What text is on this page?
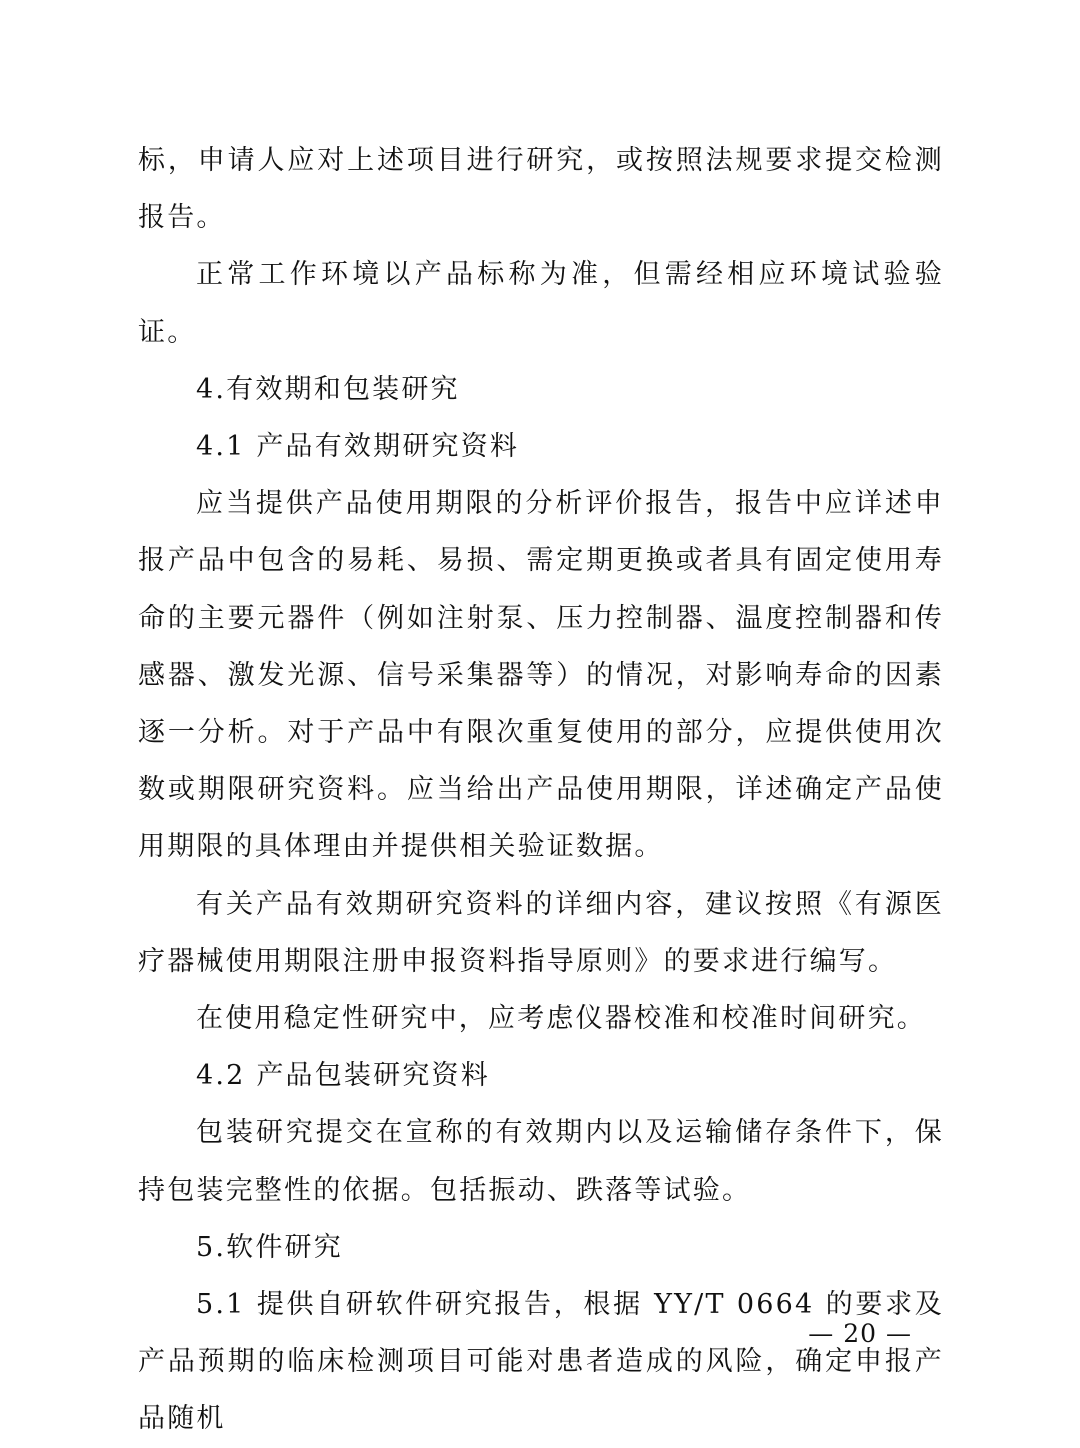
标，申请人应对上述项目进行研究，或按照法规要求提交检测报告。

正常工作环境以产品标称为准，但需经相应环境试验验证。

4.有效期和包装研究

4.1 产品有效期研究资料

应当提供产品使用期限的分析评价报告，报告中应详述申报产品中包含的易耗、易损、需定期更换或者具有固定使用寿命的主要元器件（例如注射泵、压力控制器、温度控制器和传感器、激发光源、信号采集器等）的情况，对影响寿命的因素逐一分析。对于产品中有限次重复使用的部分，应提供使用次数或期限研究资料。应当给出产品使用期限，详述确定产品使用期限的具体理由并提供相关验证数据。

有关产品有效期研究资料的详细内容，建议按照《有源医疗器械使用期限注册申报资料指导原则》的要求进行编写。

在使用稳定性研究中，应考虑仪器校准和校准时间研究。

4.2 产品包装研究资料

包装研究提交在宣称的有效期内以及运输储存条件下，保持包装完整性的依据。包括振动、跌落等试验。

5.软件研究

5.1 提供自研软件研究报告，根据 YY/T 0664 的要求及产品预期的临床检测项目可能对患者造成的风险，确定申报产品随机

— 20 —
